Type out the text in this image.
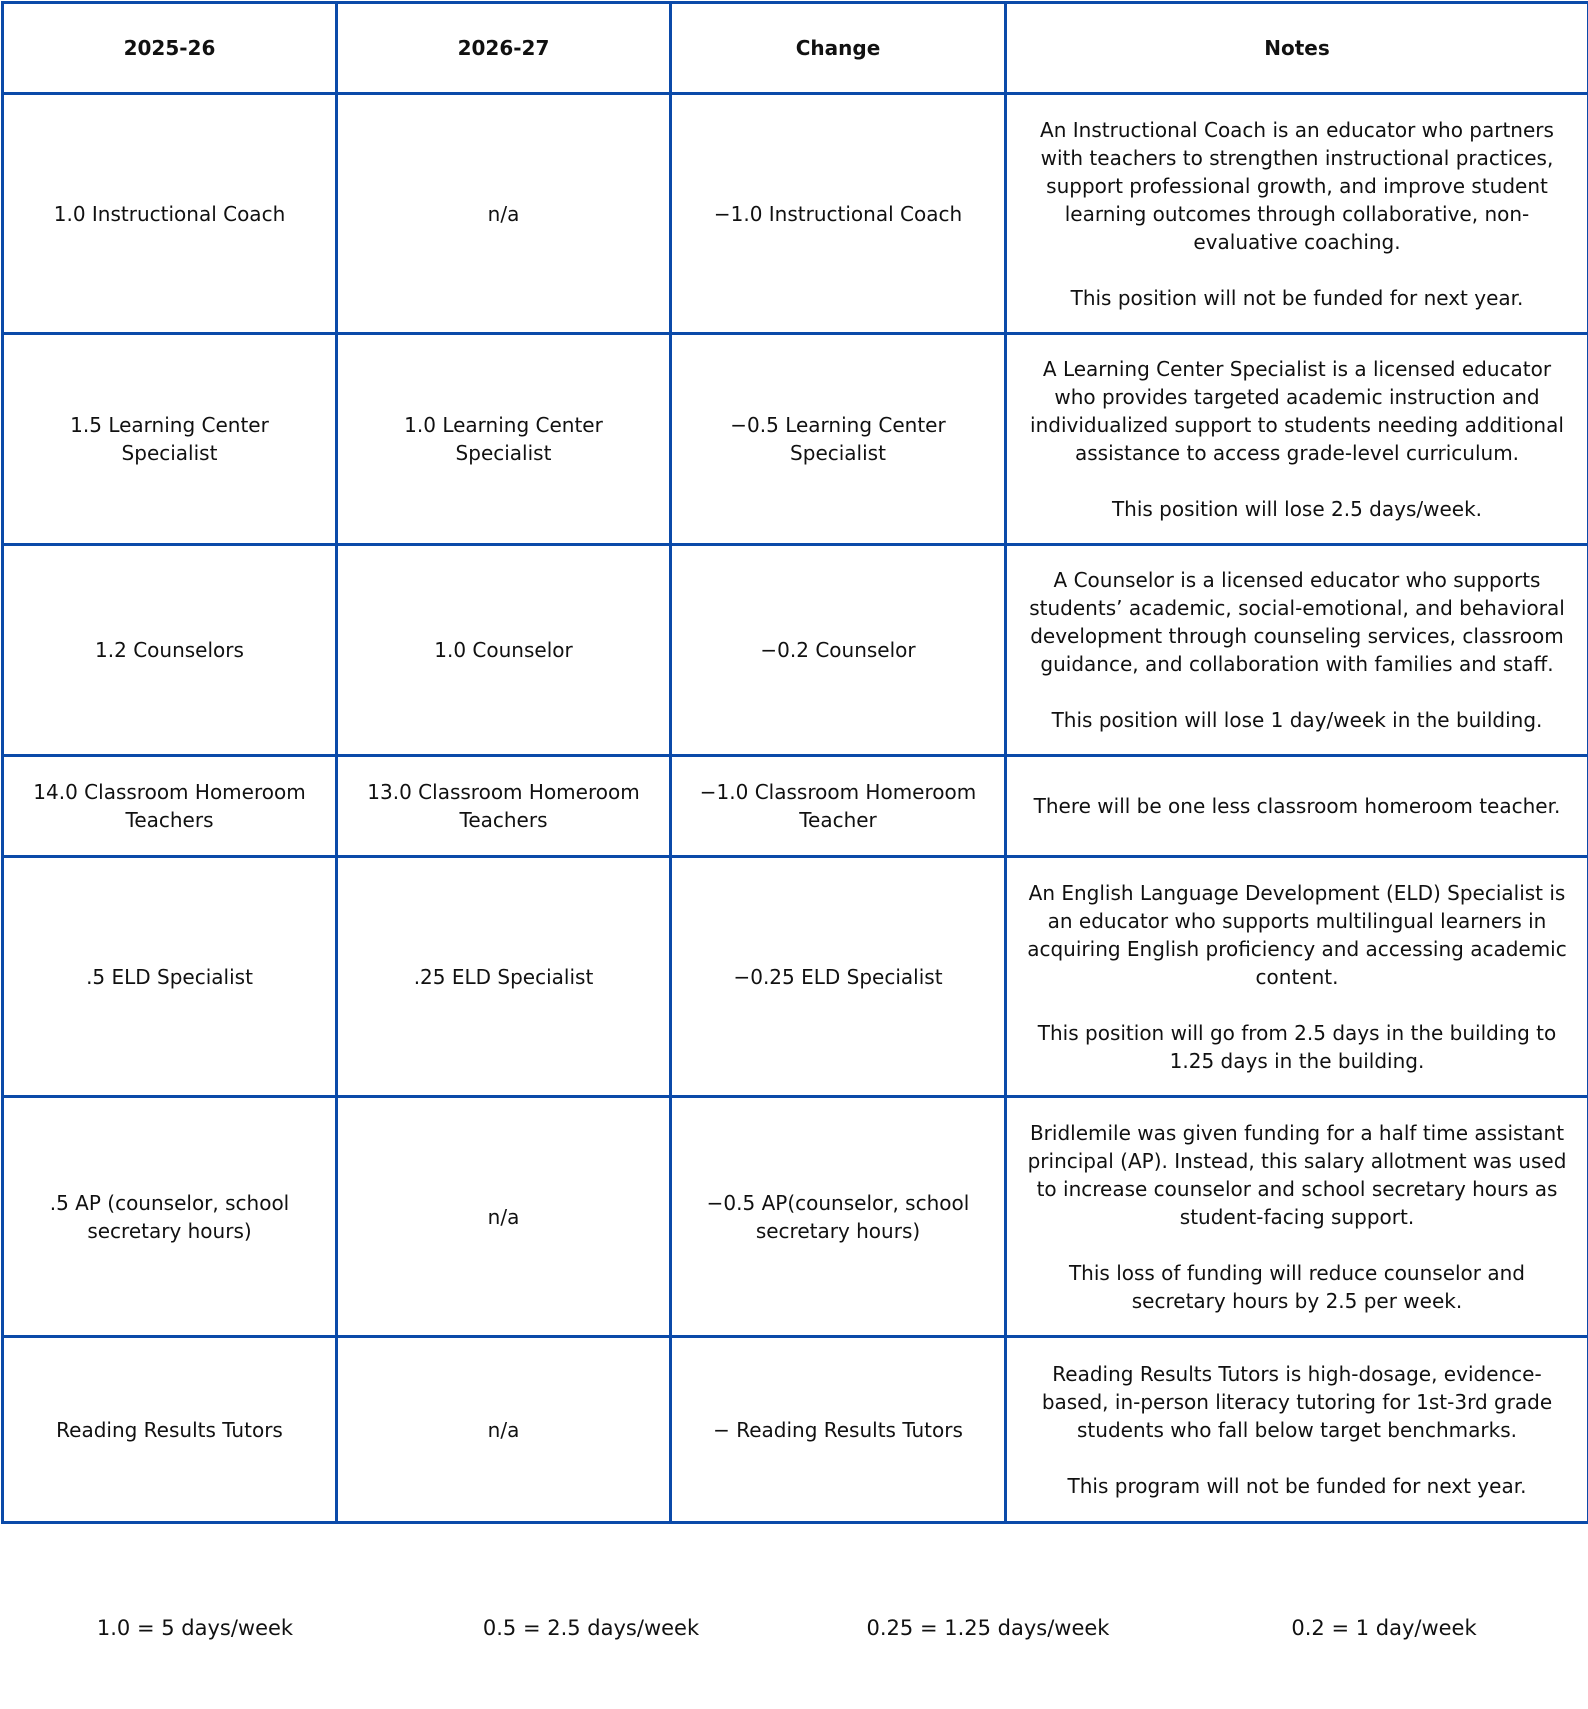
2025-26	2026-27	Change	Notes
1.0 Instructional Coach	n/a	−1.0 Instructional Coach	An Instructional Coach is an educator who partners with teachers to strengthen instructional practices, support professional growth, and improve student learning outcomes through collaborative, non-evaluative coaching.
This position will not be funded for next year.
1.5 Learning Center Specialist	1.0 Learning Center Specialist	−0.5 Learning Center Specialist	A Learning Center Specialist is a licensed educator who provides targeted academic instruction and individualized support to students needing additional assistance to access grade-level curriculum.
This position will lose 2.5 days/week.
1.2 Counselors	1.0 Counselor	−0.2 Counselor	A Counselor is a licensed educator who supports students’ academic, social-emotional, and behavioral development through counseling services, classroom guidance, and collaboration with families and staff.
This position will lose 1 day/week in the building.
14.0 Classroom Homeroom Teachers	13.0 Classroom Homeroom Teachers	−1.0 Classroom Homeroom Teacher	There will be one less classroom homeroom teacher.
.5 ELD Specialist	.25 ELD Specialist	−0.25 ELD Specialist	An English Language Development (ELD) Specialist is an educator who supports multilingual learners in acquiring English proficiency and accessing academic content.
This position will go from 2.5 days in the building to 1.25 days in the building.
.5 AP (counselor, school secretary hours)	n/a	−0.5 AP(counselor, school secretary hours)	Bridlemile was given funding for a half time assistant principal (AP). Instead, this salary allotment was used to increase counselor and school secretary hours as student-facing support.
This loss of funding will reduce counselor and secretary hours by 2.5 per week.
Reading Results Tutors	n/a	− Reading Results Tutors	Reading Results Tutors is high-dosage, evidence-based, in-person literacy tutoring for 1st-3rd grade students who fall below target benchmarks.
This program will not be funded for next year.
1.0 = 5 days/week	0.5 = 2.5 days/week	0.25 = 1.25 days/week	0.2 = 1 day/week
